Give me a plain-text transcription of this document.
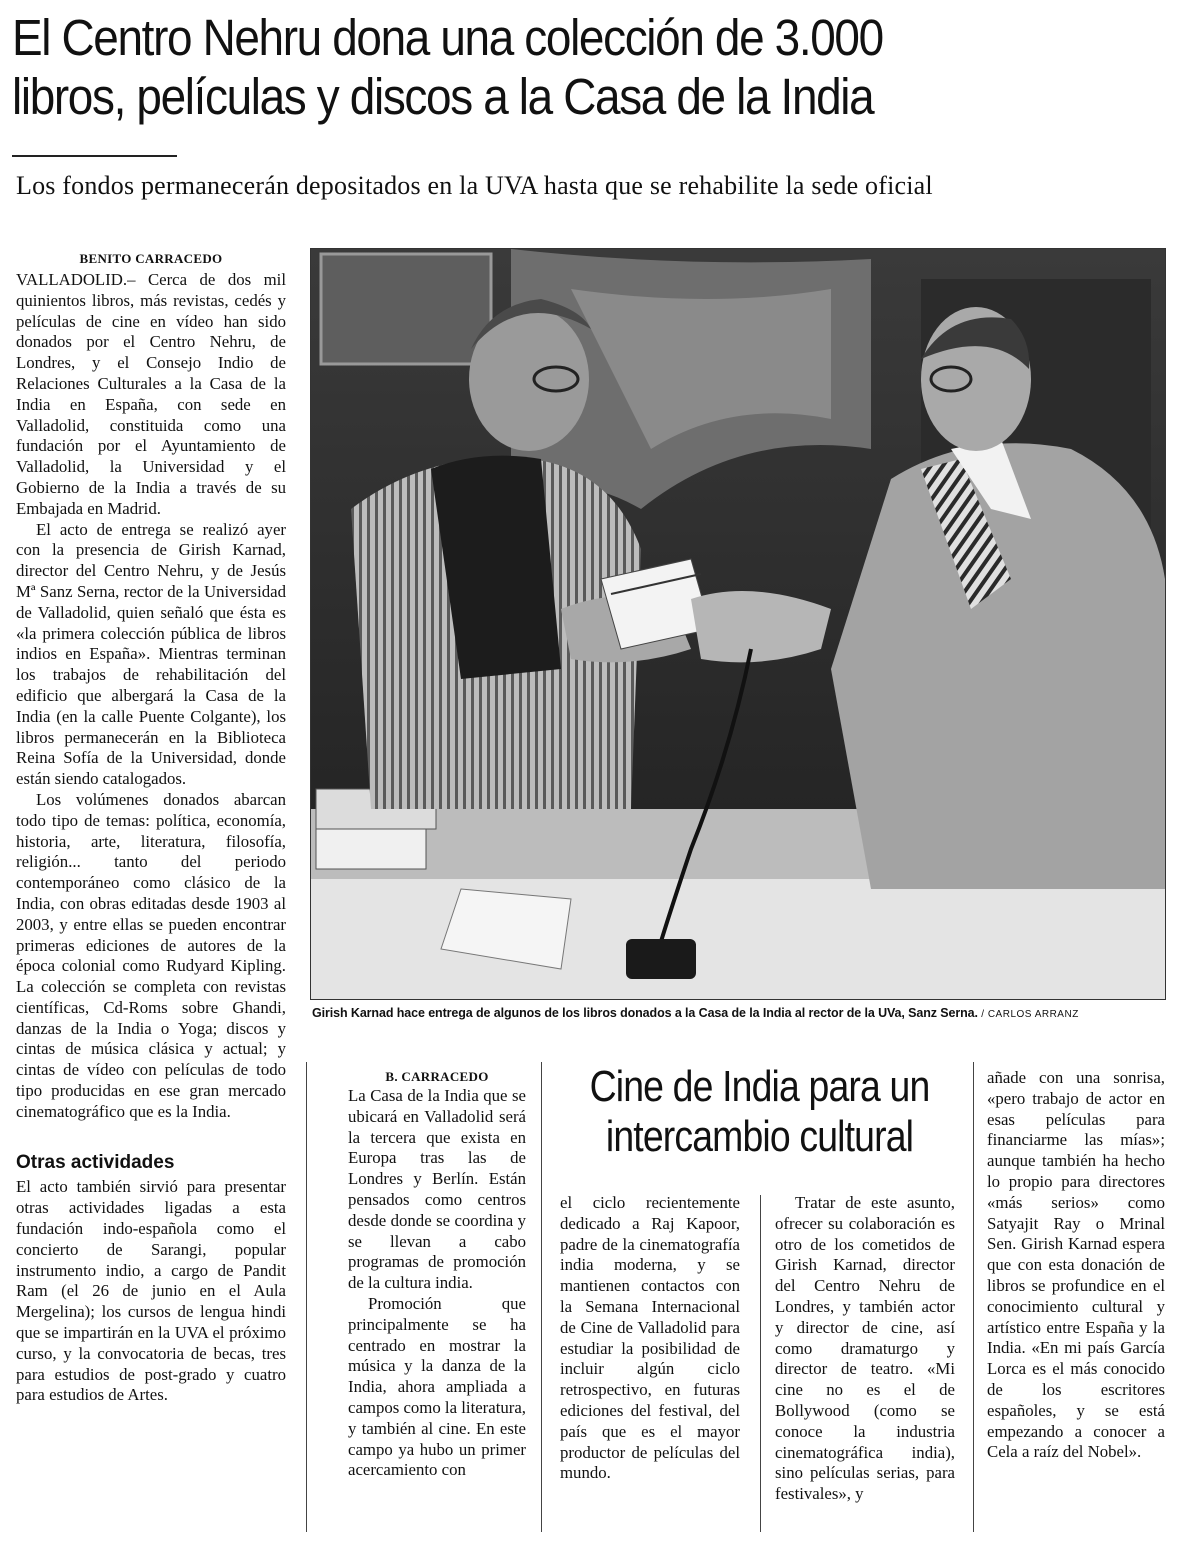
El Centro Nehru dona una colección de 3.000
libros, películas y discos a la Casa de la India
Los fondos permanecerán depositados en la UVA hasta que se rehabilite la sede oficial
BENITO CARRACEDO

VALLADOLID.– Cerca de dos mil quinientos libros, más revistas, cedés y películas de cine en vídeo han sido donados por el Centro Nehru, de Londres, y el Consejo Indio de Relaciones Culturales a la Casa de la India en España, con sede en Valladolid, constituida como una fundación por el Ayuntamiento de Valladolid, la Universidad y el Gobierno de la India a través de su Embajada en Madrid.

El acto de entrega se realizó ayer con la presencia de Girish Karnad, director del Centro Nehru, y de Jesús Mª Sanz Serna, rector de la Universidad de Valladolid, quien señaló que ésta es «la primera colección pública de libros indios en España». Mientras terminan los trabajos de rehabilitación del edificio que albergará la Casa de la India (en la calle Puente Colgante), los libros permanecerán en la Biblioteca Reina Sofía de la Universidad, donde están siendo catalogados.

Los volúmenes donados abarcan todo tipo de temas: política, economía, historia, arte, literatura, filosofía, religión... tanto del periodo contemporáneo como clásico de la India, con obras editadas desde 1903 al 2003, y entre ellas se pueden encontrar primeras ediciones de autores de la época colonial como Rudyard Kipling. La colección se completa con revistas científicas, Cd-Roms sobre Ghandi, danzas de la India o Yoga; discos y cintas de música clásica y actual; y cintas de vídeo con películas de todo tipo producidas en ese gran mercado cinematográfico que es la India.

Otras actividades

El acto también sirvió para presentar otras actividades ligadas a esta fundación indo-española como el concierto de Sarangi, popular instrumento indio, a cargo de Pandit Ram (el 26 de junio en el Aula Mergelina); los cursos de lengua hindi que se impartirán en la UVA el próximo curso, y la convocatoria de becas, tres para estudios de post-grado y cuatro para estudios de Artes.

Girish Karnad hace entrega de algunos de los libros donados a la Casa de la India al rector de la UVa, Sanz Serna. / CARLOS ARRANZ
B. CARRACEDO

La Casa de la India que se ubicará en Valladolid será la tercera que exista en Europa tras las de Londres y Berlín. Están pensados como centros desde donde se coordina y se llevan a cabo programas de promoción de la cultura india.

Promoción que principalmente se ha centrado en mostrar la música y la danza de la India, ahora ampliada a campos como la literatura, y también al cine. En este campo ya hubo un primer acercamiento con

Cine de India para un
intercambio cultural

el ciclo recientemente dedicado a Raj Kapoor, padre de la cinematografía india moderna, y se mantienen contactos con la Semana Internacional de Cine de Valladolid para estudiar la posibilidad de incluir algún ciclo retrospectivo, en futuras ediciones del festival, del país que es el mayor productor de películas del mundo.

Tratar de este asunto, ofrecer su colaboración es otro de los cometidos de Girish Karnad, director del Centro Nehru de Londres, y también actor y director de cine, así como dramaturgo y director de teatro. «Mi cine no es el de Bollywood (como se conoce la industria cinematográfica india), sino películas serias, para festivales», y

añade con una sonrisa, «pero trabajo de actor en esas películas para financiarme las mías»; aunque también ha hecho lo propio para directores «más serios» como Satyajit Ray o Mrinal Sen. Girish Karnad espera que con esta donación de libros se profundice en el conocimiento cultural y artístico entre España y la India. «En mi país García Lorca es el más conocido de los escritores españoles, y se está empezando a conocer a Cela a raíz del Nobel».
